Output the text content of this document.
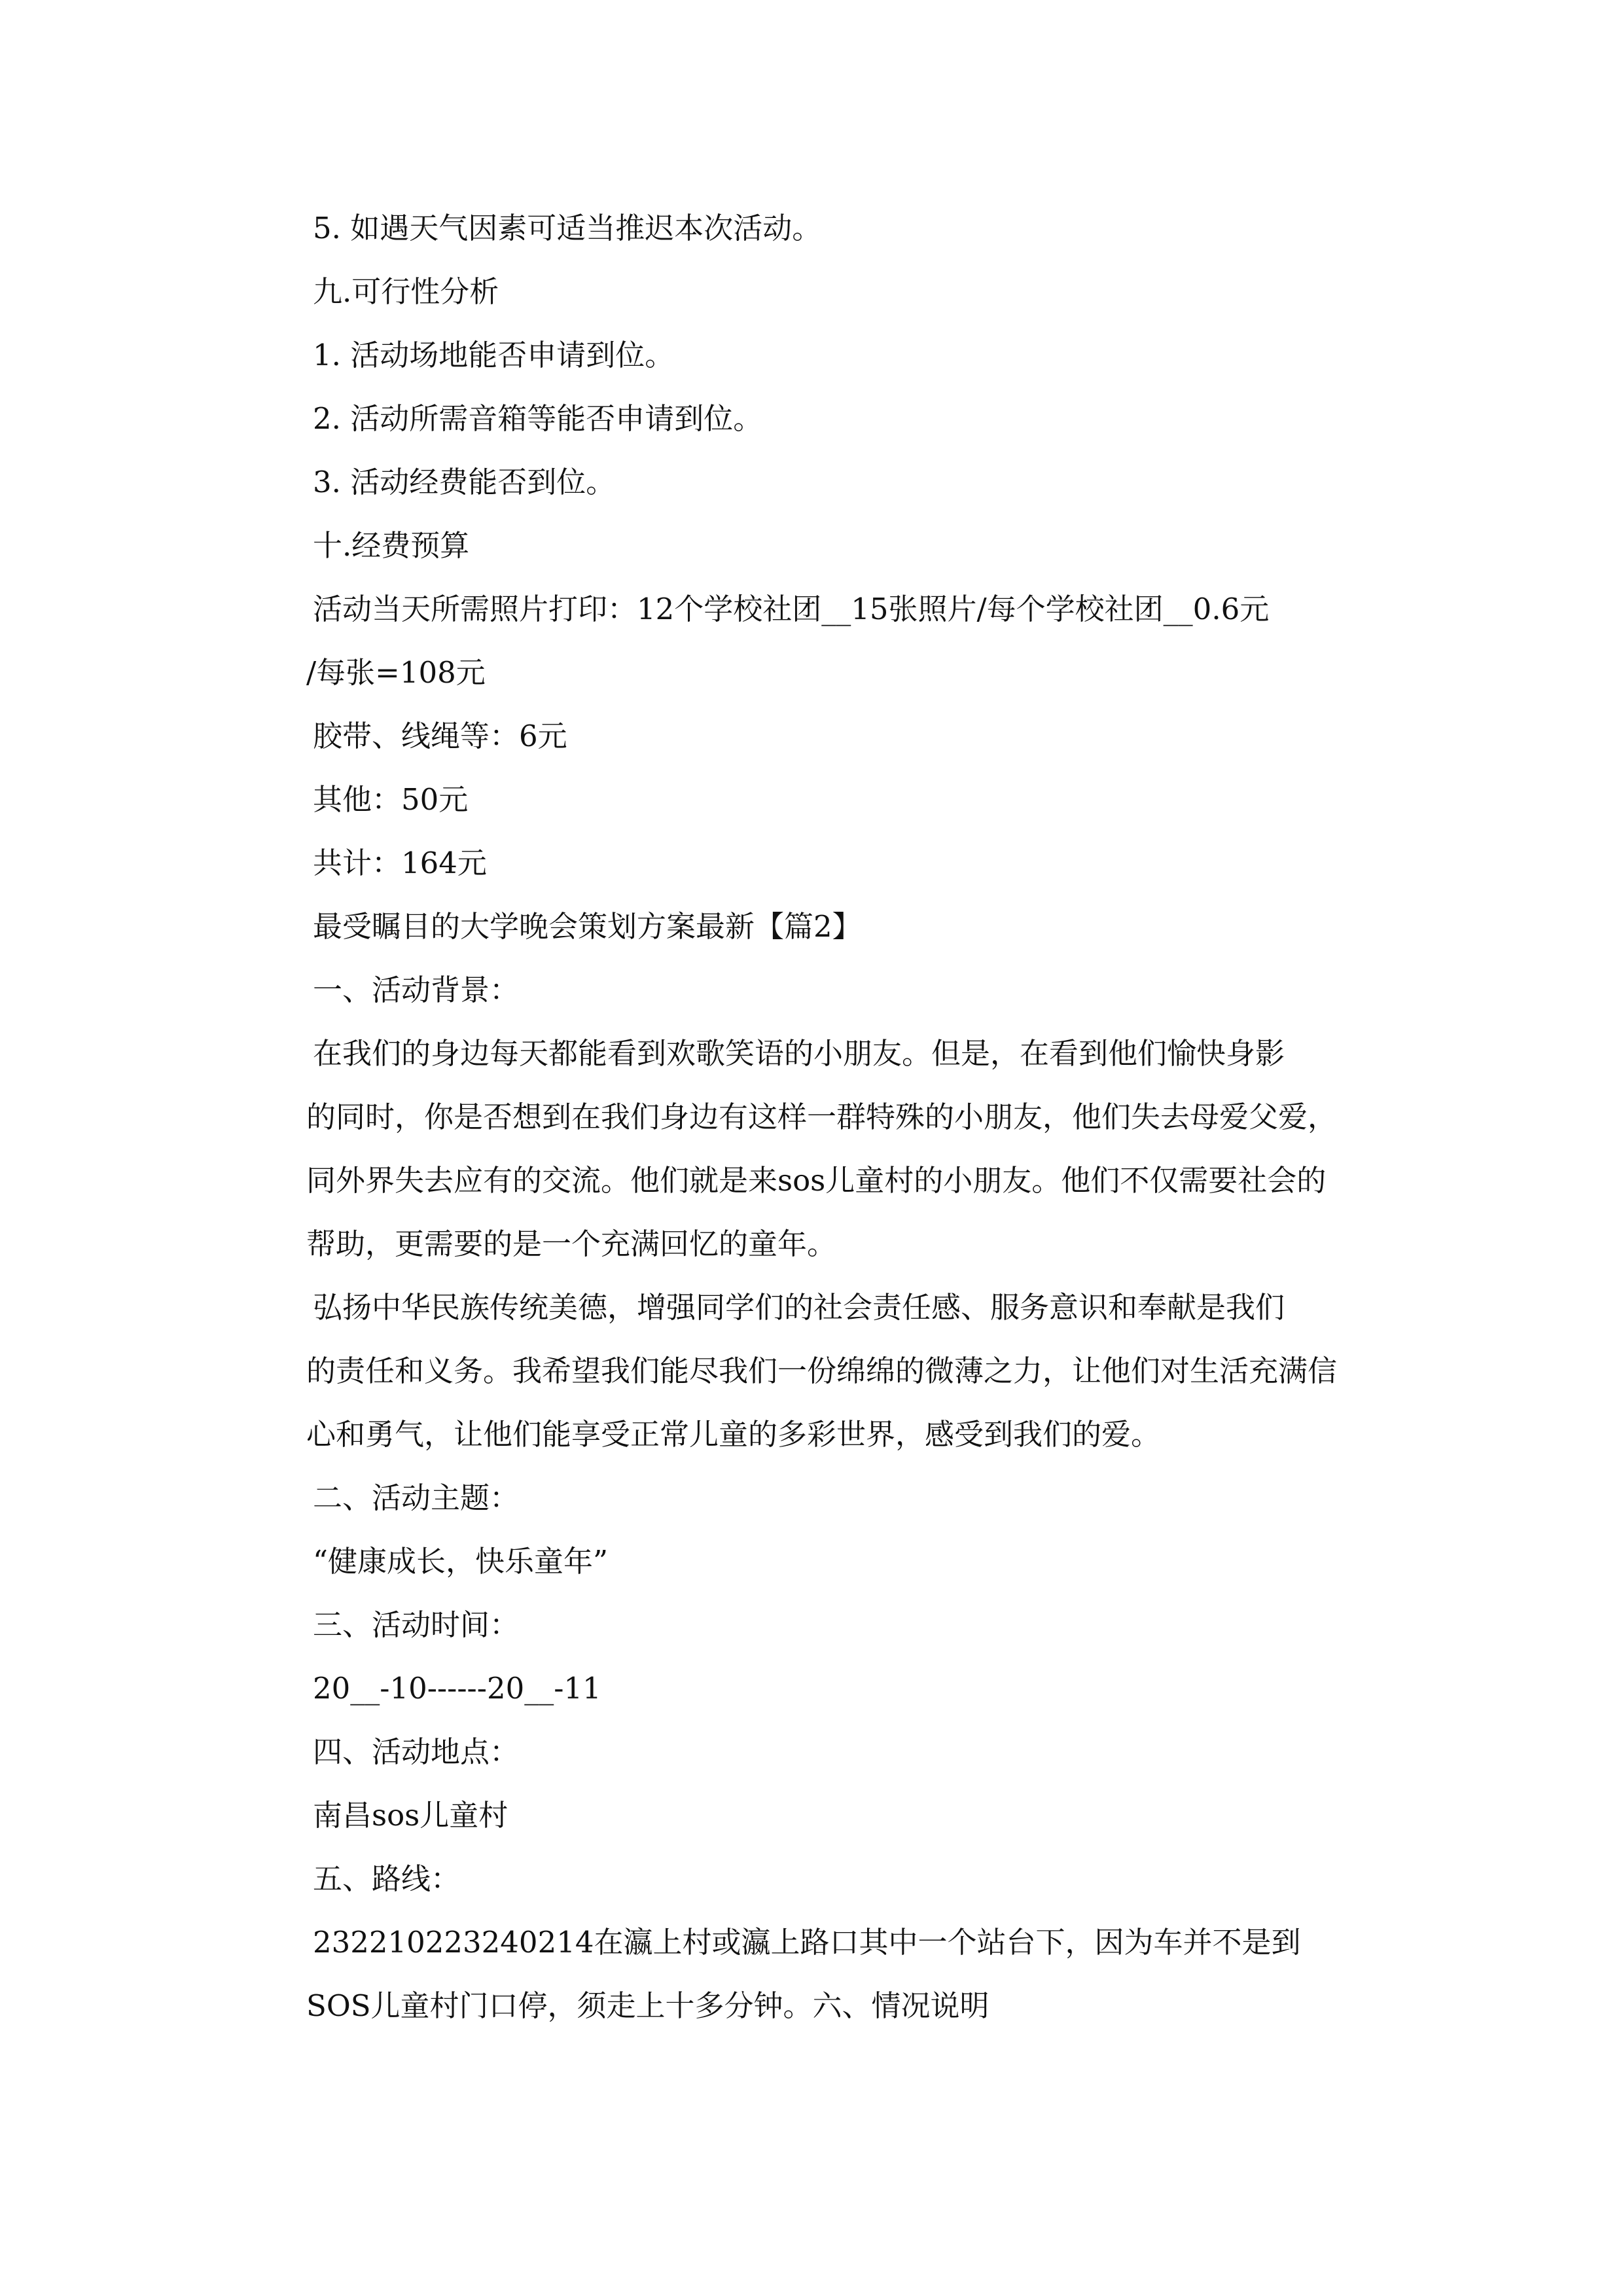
5. 如遇天气因素可适当推迟本次活动。
九.可行性分析
1. 活动场地能否申请到位。
2. 活动所需音箱等能否申请到位。
3. 活动经费能否到位。
十.经费预算
活动当天所需照片打印：12个学校社团__15张照片/每个学校社团__0.6元
/每张=108元
胶带、线绳等：6元
其他：50元
共计：164元
最受瞩目的大学晚会策划方案最新【篇2】
一、活动背景：
在我们的身边每天都能看到欢歌笑语的小朋友。但是，在看到他们愉快身影
的同时，你是否想到在我们身边有这样一群特殊的小朋友，他们失去母爱父爱，
同外界失去应有的交流。他们就是来sos儿童村的小朋友。他们不仅需要社会的
帮助，更需要的是一个充满回忆的童年。
弘扬中华民族传统美德，增强同学们的社会责任感、服务意识和奉献是我们
的责任和义务。我希望我们能尽我们一份绵绵的微薄之力，让他们对生活充满信
心和勇气，让他们能享受正常儿童的多彩世界，感受到我们的爱。
二、活动主题：
“健康成长，快乐童年”
三、活动时间：
20__-10------20__-11
四、活动地点：
南昌sos儿童村
五、路线：
232210223240214在瀛上村或瀛上路口其中一个站台下，因为车并不是到
SOS儿童村门口停，须走上十多分钟。六、情况说明
